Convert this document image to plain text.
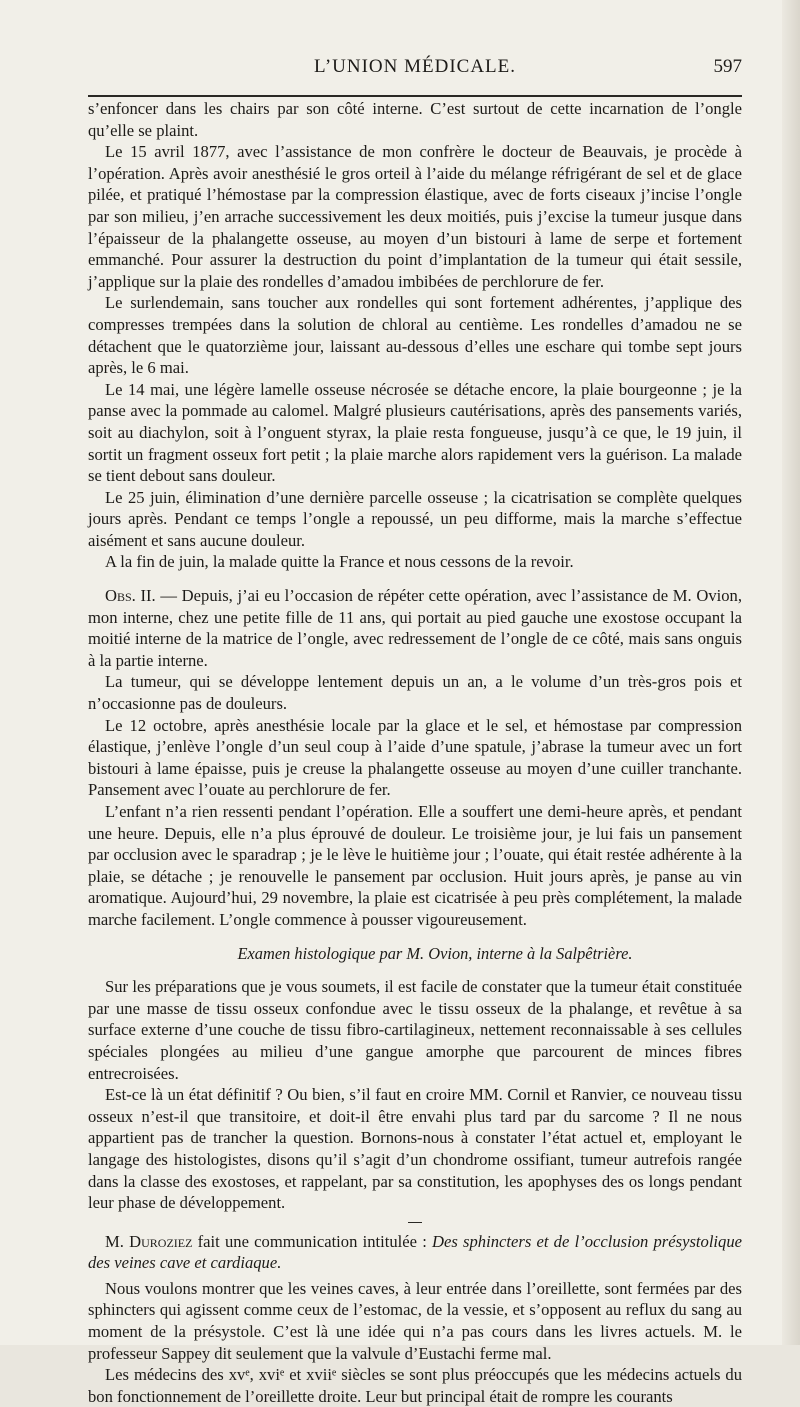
L’UNION MÉDICALE.	597

s’enfoncer dans les chairs par son côté interne. C’est surtout de cette incarnation de l’ongle qu’elle se plaint.

Le 15 avril 1877, avec l’assistance de mon confrère le docteur de Beauvais, je procède à l’opération. Après avoir anesthésié le gros orteil à l’aide du mélange réfrigérant de sel et de glace pilée, et pratiqué l’hémostase par la compression élastique, avec de forts ciseaux j’incise l’ongle par son milieu, j’en arrache successivement les deux moitiés, puis j’excise la tumeur jusque dans l’épaisseur de la phalangette osseuse, au moyen d’un bistouri à lame de serpe et fortement emmanché. Pour assurer la destruction du point d’implantation de la tumeur qui était sessile, j’applique sur la plaie des rondelles d’amadou imbibées de perchlorure de fer.

Le surlendemain, sans toucher aux rondelles qui sont fortement adhérentes, j’applique des compresses trempées dans la solution de chloral au centième. Les rondelles d’amadou ne se détachent que le quatorzième jour, laissant au-dessous d’elles une eschare qui tombe sept jours après, le 6 mai.

Le 14 mai, une légère lamelle osseuse nécrosée se détache encore, la plaie bourgeonne ; je la panse avec la pommade au calomel. Malgré plusieurs cautérisations, après des pansements variés, soit au diachylon, soit à l’onguent styrax, la plaie resta fongueuse, jusqu’à ce que, le 19 juin, il sortit un fragment osseux fort petit ; la plaie marche alors rapidement vers la guérison. La malade se tient debout sans douleur.

Le 25 juin, élimination d’une dernière parcelle osseuse ; la cicatrisation se complète quelques jours après. Pendant ce temps l’ongle a repoussé, un peu difforme, mais la marche s’effectue aisément et sans aucune douleur.

A la fin de juin, la malade quitte la France et nous cessons de la revoir.

Obs. II. — Depuis, j’ai eu l’occasion de répéter cette opération, avec l’assistance de M. Ovion, mon interne, chez une petite fille de 11 ans, qui portait au pied gauche une exostose occupant la moitié interne de la matrice de l’ongle, avec redressement de l’ongle de ce côté, mais sans onguis à la partie interne.

La tumeur, qui se développe lentement depuis un an, a le volume d’un très-gros pois et n’occasionne pas de douleurs.

Le 12 octobre, après anesthésie locale par la glace et le sel, et hémostase par compression élastique, j’enlève l’ongle d’un seul coup à l’aide d’une spatule, j’abrase la tumeur avec un fort bistouri à lame épaisse, puis je creuse la phalangette osseuse au moyen d’une cuiller tranchante. Pansement avec l’ouate au perchlorure de fer.

L’enfant n’a rien ressenti pendant l’opération. Elle a souffert une demi-heure après, et pendant une heure. Depuis, elle n’a plus éprouvé de douleur. Le troisième jour, je lui fais un pansement par occlusion avec le sparadrap ; je le lève le huitième jour ; l’ouate, qui était restée adhérente à la plaie, se détache ; je renouvelle le pansement par occlusion. Huit jours après, je panse au vin aromatique. Aujourd’hui, 29 novembre, la plaie est cicatrisée à peu près complétement, la malade marche facilement. L’ongle commence à pousser vigoureusement.

Examen histologique par M. Ovion, interne à la Salpêtrière.

Sur les préparations que je vous soumets, il est facile de constater que la tumeur était constituée par une masse de tissu osseux confondue avec le tissu osseux de la phalange, et revêtue à sa surface externe d’une couche de tissu fibro-cartilagineux, nettement reconnaissable à ses cellules spéciales plongées au milieu d’une gangue amorphe que parcourent de minces fibres entrecroisées.

Est-ce là un état définitif ? Ou bien, s’il faut en croire MM. Cornil et Ranvier, ce nouveau tissu osseux n’est-il que transitoire, et doit-il être envahi plus tard par du sarcome ? Il ne nous appartient pas de trancher la question. Bornons-nous à constater l’état actuel et, employant le langage des histologistes, disons qu’il s’agit d’un chondrome ossifiant, tumeur autrefois rangée dans la classe des exostoses, et rappelant, par sa constitution, les apophyses des os longs pendant leur phase de développement.

M. Duroziez fait une communication intitulée : Des sphincters et de l’occlusion présystolique des veines cave et cardiaque.

Nous voulons montrer que les veines caves, à leur entrée dans l’oreillette, sont fermées par des sphincters qui agissent comme ceux de l’estomac, de la vessie, et s’opposent au reflux du sang au moment de la présystole. C’est là une idée qui n’a pas cours dans les livres actuels. M. le professeur Sappey dit seulement que la valvule d’Eustachi ferme mal.

Les médecins des xvᵉ, xviᵉ et xviiᵉ siècles se sont plus préoccupés que les médecins actuels du bon fonctionnement de l’oreillette droite. Leur but principal était de rompre les courants
